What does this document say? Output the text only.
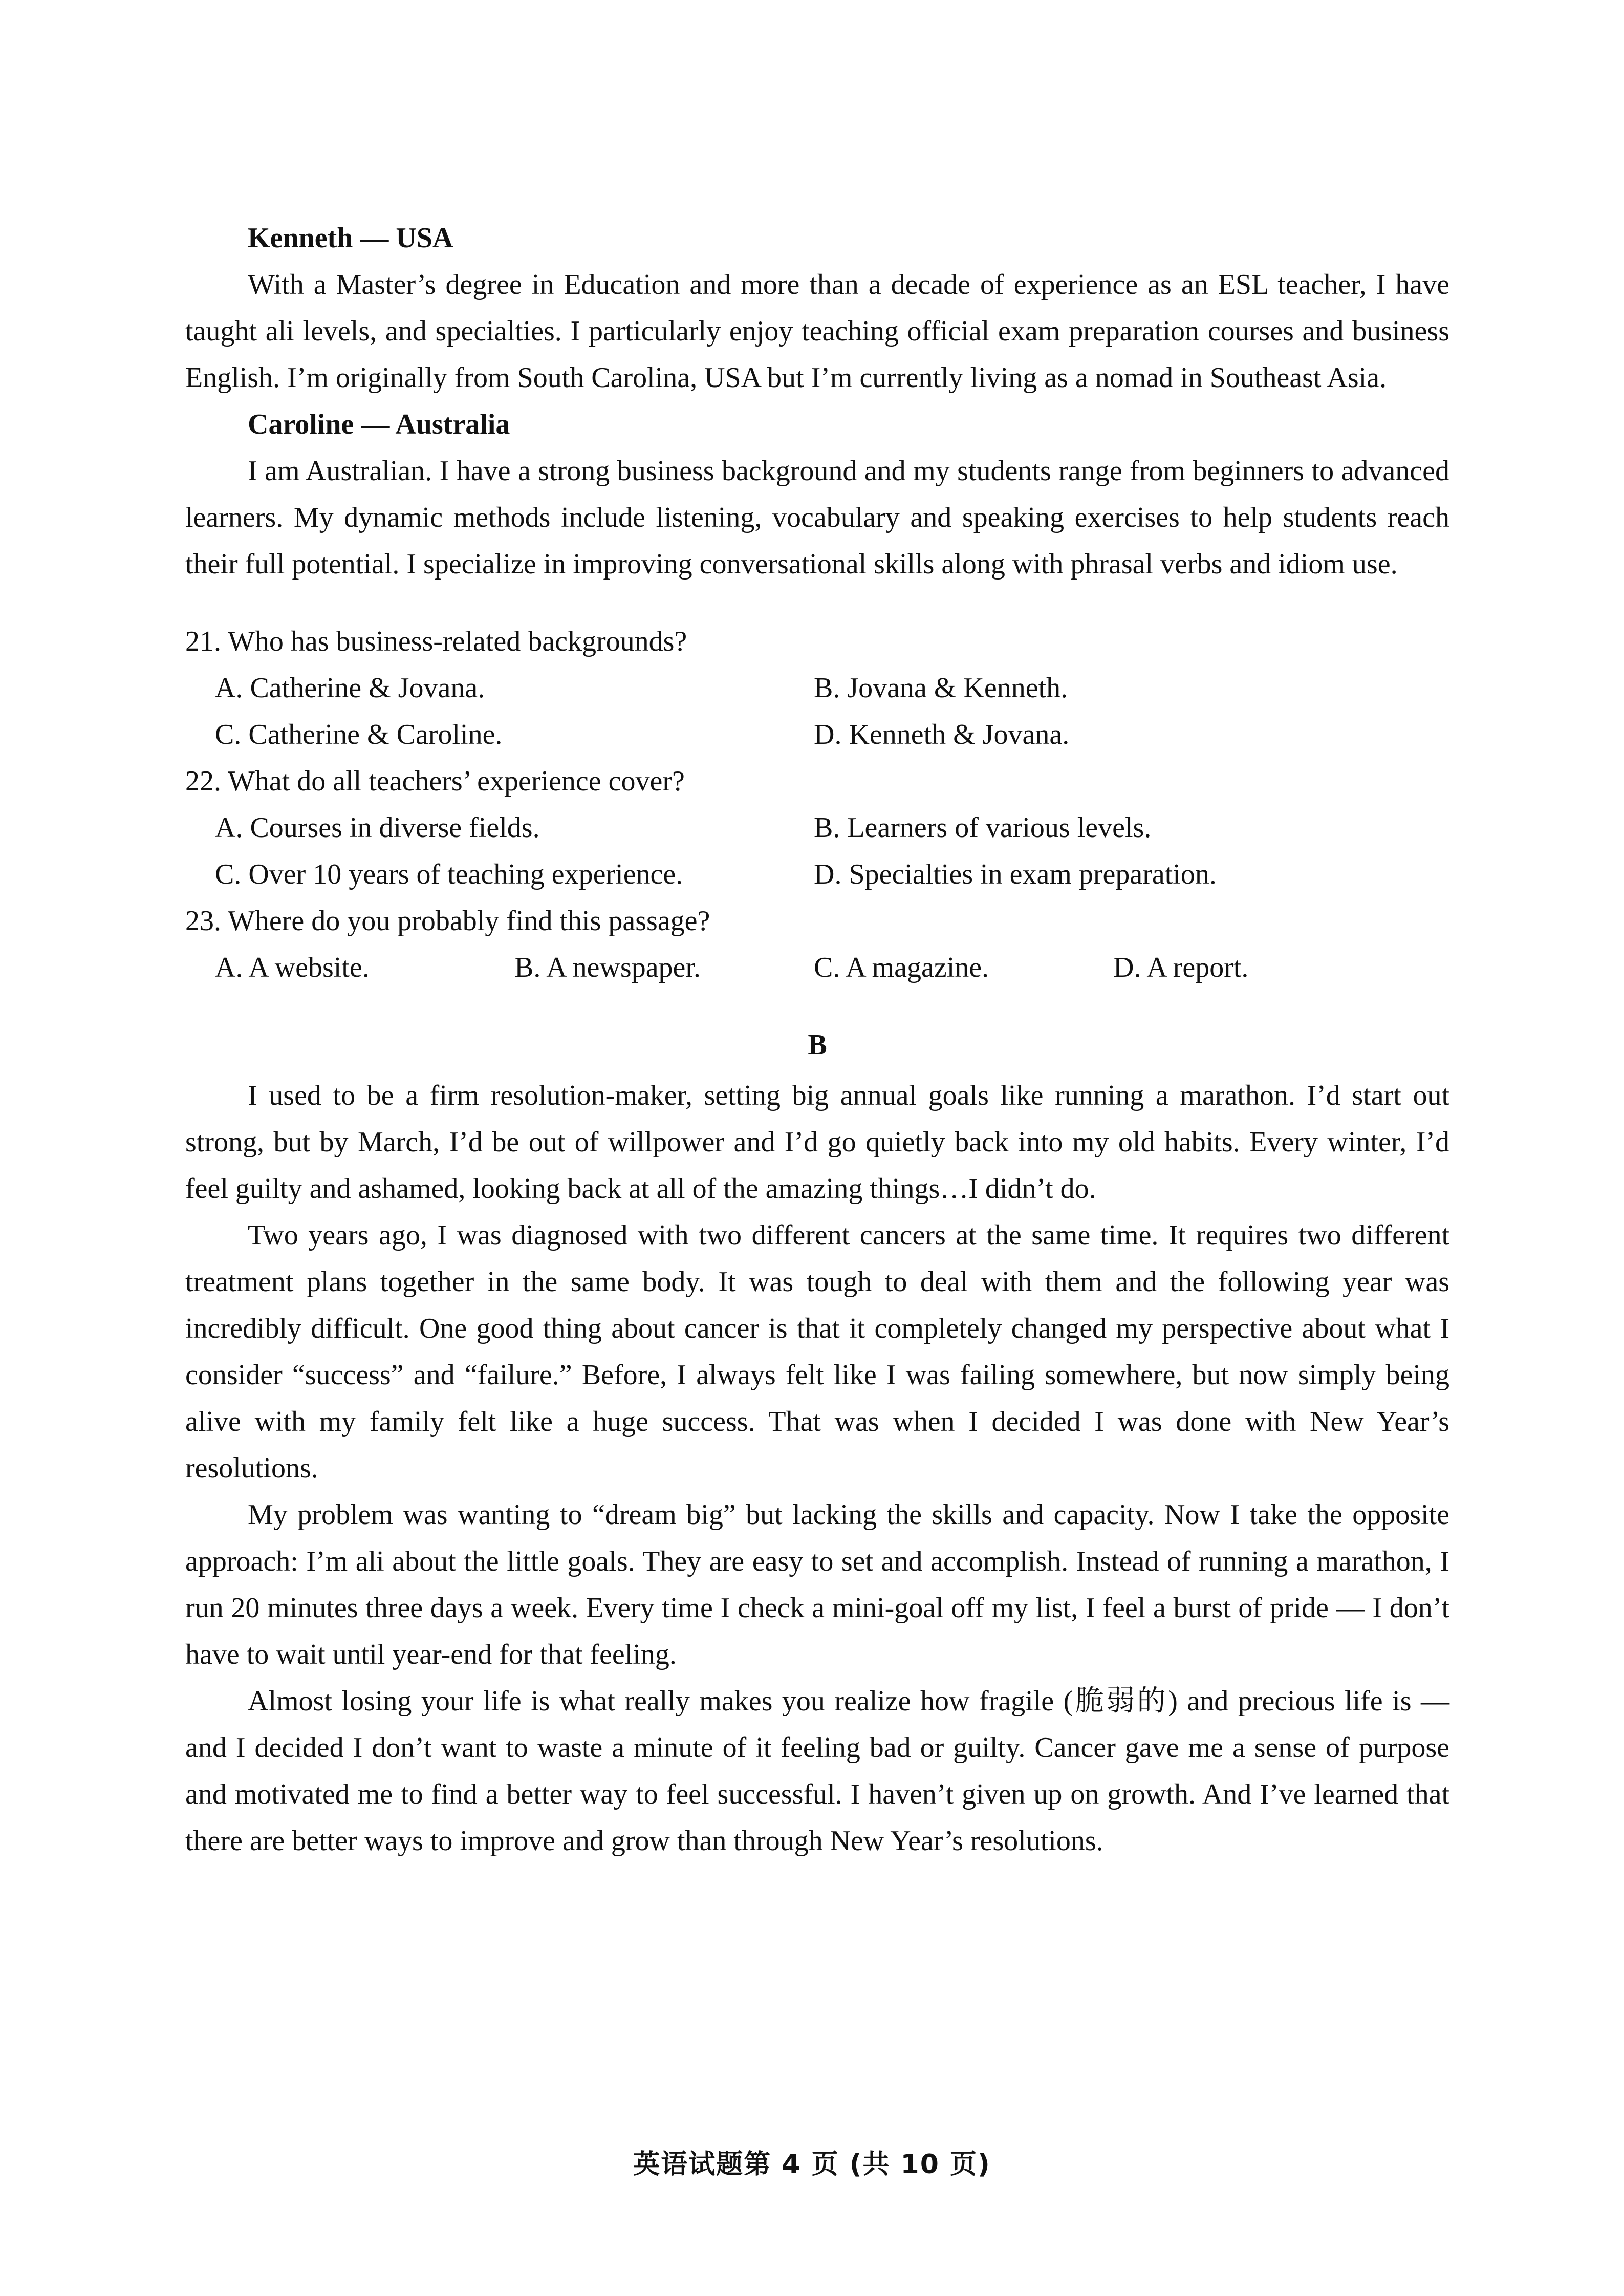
Kenneth — USA

With a Master’s degree in Education and more than a decade of experience as an ESL teacher, I have taught ali levels, and specialties. I particularly enjoy teaching official exam preparation courses and business English. I’m originally from South Carolina, USA but I’m currently living as a nomad in Southeast Asia.

Caroline — Australia

I am Australian. I have a strong business background and my students range from beginners to advanced learners. My dynamic methods include listening, vocabulary and speaking exercises to help students reach their full potential. I specialize in improving conversational skills along with phrasal verbs and idiom use.

21. Who has business-related backgrounds?

A. Catherine & Jovana.	B. Jovana & Kenneth.
C. Catherine & Caroline.	D. Kenneth & Jovana.

22. What do all teachers’ experience cover?

A. Courses in diverse fields.	B. Learners of various levels.
C. Over 10 years of teaching experience.	D. Specialties in exam preparation.

23. Where do you probably find this passage?

A. A website.	B. A newspaper.	C. A magazine.	D. A report.
B

I used to be a firm resolution-maker, setting big annual goals like running a marathon. I’d start out strong, but by March, I’d be out of willpower and I’d go quietly back into my old habits. Every winter, I’d feel guilty and ashamed, looking back at all of the amazing things…I didn’t do.

Two years ago, I was diagnosed with two different cancers at the same time. It requires two different treatment plans together in the same body. It was tough to deal with them and the following year was incredibly difficult. One good thing about cancer is that it completely changed my perspective about what I consider “success” and “failure.” Before, I always felt like I was failing somewhere, but now simply being alive with my family felt like a huge success. That was when I decided I was done with New Year’s resolutions.

My problem was wanting to “dream big” but lacking the skills and capacity. Now I take the opposite approach: I’m ali about the little goals. They are easy to set and accomplish. Instead of running a marathon, I run 20 minutes three days a week. Every time I check a mini-goal off my list, I feel a burst of pride — I don’t have to wait until year-end for that feeling.

Almost losing your life is what really makes you realize how fragile (脆弱的) and precious life is — and I decided I don’t want to waste a minute of it feeling bad or guilty. Cancer gave me a sense of purpose and motivated me to find a better way to feel successful. I haven’t given up on growth. And I’ve learned that there are better ways to improve and grow than through New Year’s resolutions.

英语试题第 4 页 (共 10 页)
